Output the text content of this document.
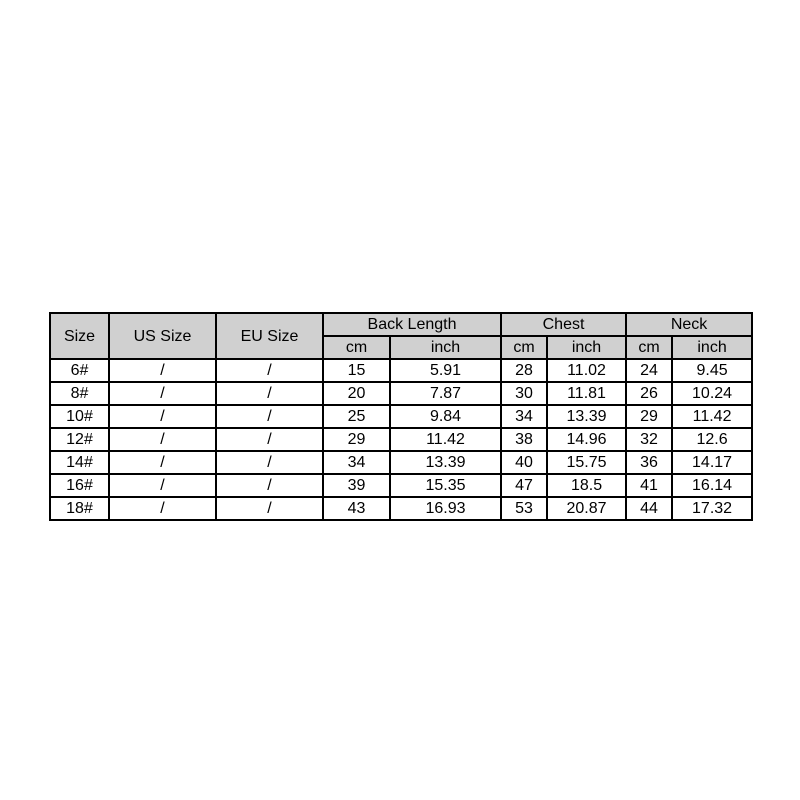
Size	US Size	EU Size	Back Length		Chest		Neck	
			cm	inch	cm	inch	cm	inch
6#	/	/	15	5.91	28	11.02	24	9.45
8#	/	/	20	7.87	30	11.81	26	10.24
10#	/	/	25	9.84	34	13.39	29	11.42
12#	/	/	29	11.42	38	14.96	32	12.6
14#	/	/	34	13.39	40	15.75	36	14.17
16#	/	/	39	15.35	47	18.5	41	16.14
18#	/	/	43	16.93	53	20.87	44	17.32
